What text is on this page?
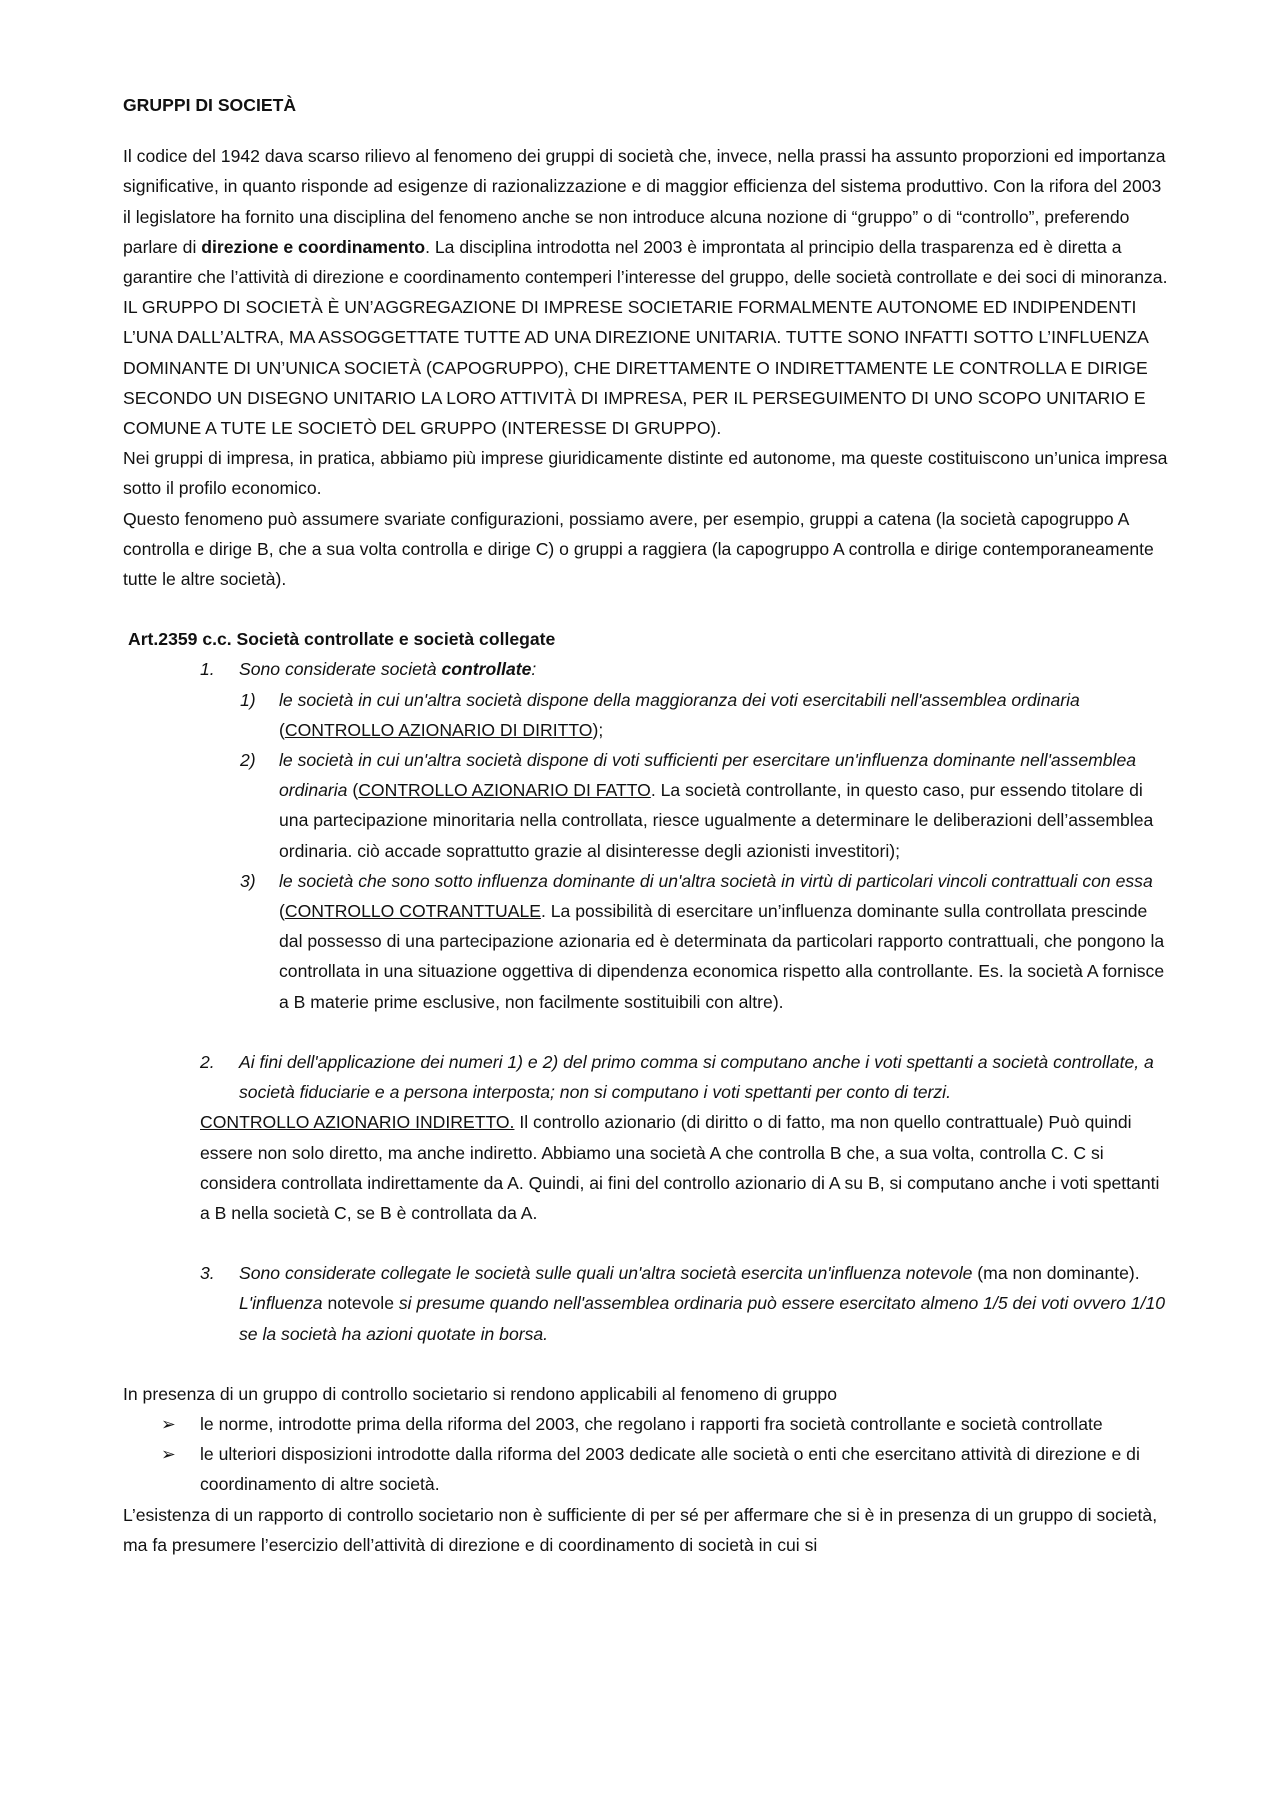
GRUPPI DI SOCIETÀ

Il codice del 1942 dava scarso rilievo al fenomeno dei gruppi di società che, invece, nella prassi ha assunto proporzioni ed importanza significative, in quanto risponde ad esigenze di razionalizzazione e di maggior efficienza del sistema produttivo. Con la rifora del 2003 il legislatore ha fornito una disciplina del fenomeno anche se non introduce alcuna nozione di “gruppo” o di “controllo”, preferendo parlare di direzione e coordinamento. La disciplina introdotta nel 2003 è improntata al principio della trasparenza ed è diretta a garantire che l’attività di direzione e coordinamento contemperi l’interesse del gruppo, delle società controllate e dei soci di minoranza.

IL GRUPPO DI SOCIETÀ È UN’AGGREGAZIONE DI IMPRESE SOCIETARIE FORMALMENTE AUTONOME ED INDIPENDENTI L’UNA DALL’ALTRA, MA ASSOGGETTATE TUTTE AD UNA DIREZIONE UNITARIA. TUTTE SONO INFATTI SOTTO L’INFLUENZA DOMINANTE DI UN’UNICA SOCIETÀ (CAPOGRUPPO), CHE DIRETTAMENTE O INDIRETTAMENTE LE CONTROLLA E DIRIGE SECONDO UN DISEGNO UNITARIO LA LORO ATTIVITÀ DI IMPRESA, PER IL PERSEGUIMENTO DI UNO SCOPO UNITARIO E COMUNE A TUTE LE SOCIETÒ DEL GRUPPO (INTERESSE DI GRUPPO).

Nei gruppi di impresa, in pratica, abbiamo più imprese giuridicamente distinte ed autonome, ma queste costituiscono un’unica impresa sotto il profilo economico.

Questo fenomeno può assumere svariate configurazioni, possiamo avere, per esempio, gruppi a catena (la società capogruppo A controlla e dirige B, che a sua volta controlla e dirige C) o gruppi a raggiera (la capogruppo A controlla e dirige contemporaneamente tutte le altre società).

Art.2359 c.c. Società controllate e società collegate

1. Sono considerate società controllate:

1) le società in cui un'altra società dispone della maggioranza dei voti esercitabili nell'assemblea ordinaria (CONTROLLO AZIONARIO DI DIRITTO);

2) le società in cui un'altra società dispone di voti sufficienti per esercitare un'influenza dominante nell'assemblea ordinaria (CONTROLLO AZIONARIO DI FATTO. La società controllante, in questo caso, pur essendo titolare di una partecipazione minoritaria nella controllata, riesce ugualmente a determinare le deliberazioni dell’assemblea ordinaria. ciò accade soprattutto grazie al disinteresse degli azionisti investitori);

3) le società che sono sotto influenza dominante di un'altra società in virtù di particolari vincoli contrattuali con essa (CONTROLLO COTRANTTUALE. La possibilità di esercitare un’influenza dominante sulla controllata prescinde dal possesso di una partecipazione azionaria ed è determinata da particolari rapporto contrattuali, che pongono la controllata in una situazione oggettiva di dipendenza economica rispetto alla controllante. Es. la società A fornisce a B materie prime esclusive, non facilmente sostituibili con altre).

2. Ai fini dell'applicazione dei numeri 1) e 2) del primo comma si computano anche i voti spettanti a società controllate, a società fiduciarie e a persona interposta; non si computano i voti spettanti per conto di terzi.

CONTROLLO AZIONARIO INDIRETTO. Il controllo azionario (di diritto o di fatto, ma non quello contrattuale) Può quindi essere non solo diretto, ma anche indiretto. Abbiamo una società A che controlla B che, a sua volta, controlla C. C si considera controllata indirettamente da A. Quindi, ai fini del controllo azionario di A su B, si computano anche i voti spettanti a B nella società C, se B è controllata da A.

3. Sono considerate collegate le società sulle quali un'altra società esercita un'influenza notevole (ma non dominante). L'influenza notevole si presume quando nell'assemblea ordinaria può essere esercitato almeno 1/5 dei voti ovvero 1/10 se la società ha azioni quotate in borsa.

In presenza di un gruppo di controllo societario si rendono applicabili al fenomeno di gruppo

➢ le norme, introdotte prima della riforma del 2003, che regolano i rapporti fra società controllante e società controllate

➢ le ulteriori disposizioni introdotte dalla riforma del 2003 dedicate alle società o enti che esercitano attività di direzione e di coordinamento di altre società.

L’esistenza di un rapporto di controllo societario non è sufficiente di per sé per affermare che si è in presenza di un gruppo di società, ma fa presumere l’esercizio dell’attività di direzione e di coordinamento di società in cui si
